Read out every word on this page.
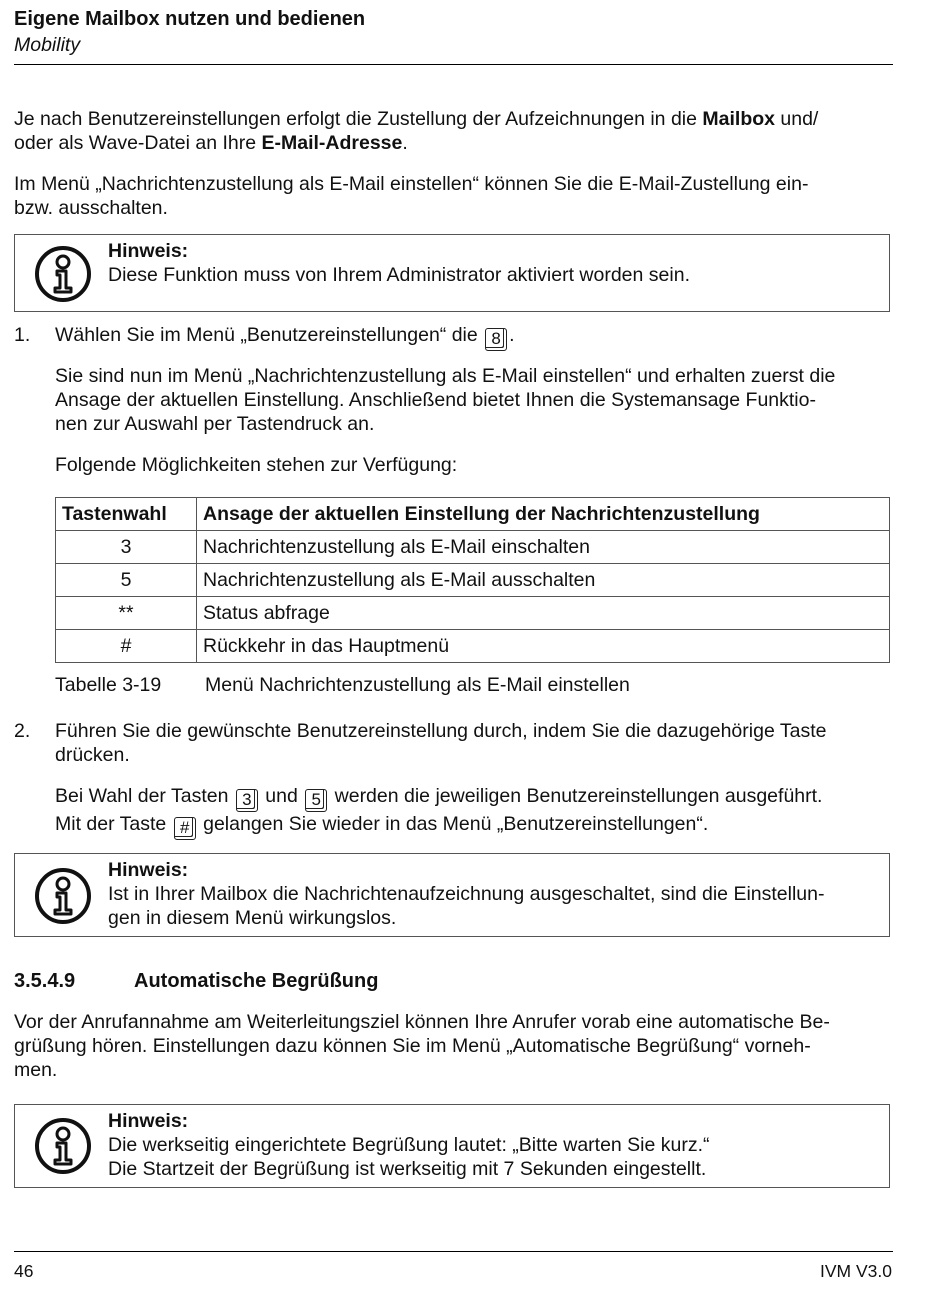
Eigene Mailbox nutzen und bedienen
Mobility
Je nach Benutzereinstellungen erfolgt die Zustellung der Aufzeichnungen in die Mailbox und/
oder als Wave-Datei an Ihre E-Mail-Adresse.
Im Menü „Nachrichtenzustellung als E-Mail einstellen“ können Sie die E-Mail-Zustellung ein-
bzw. ausschalten.
Hinweis:
Diese Funktion muss von Ihrem Administrator aktiviert worden sein.
1. Wählen Sie im Menü „Benutzereinstellungen“ die 8 .
Sie sind nun im Menü „Nachrichtenzustellung als E-Mail einstellen“ und erhalten zuerst die
Ansage der aktuellen Einstellung. Anschließend bietet Ihnen die Systemansage Funktio-
nen zur Auswahl per Tastendruck an.
Folgende Möglichkeiten stehen zur Verfügung:
Tastenwahl	Ansage der aktuellen Einstellung der Nachrichtenzustellung
3	Nachrichtenzustellung als E-Mail einschalten
5	Nachrichtenzustellung als E-Mail ausschalten
**	Status abfrage
#	Rückkehr in das Hauptmenü
Tabelle 3-19 Menü Nachrichtenzustellung als E-Mail einstellen
2. Führen Sie die gewünschte Benutzereinstellung durch, indem Sie die dazugehörige Taste
drücken.
Bei Wahl der Tasten 3 und 5 werden die jeweiligen Benutzereinstellungen ausgeführt.
Mit der Taste # gelangen Sie wieder in das Menü „Benutzereinstellungen“.
Hinweis:
Ist in Ihrer Mailbox die Nachrichtenaufzeichnung ausgeschaltet, sind die Einstellun-
gen in diesem Menü wirkungslos.
3.5.4.9	Automatische Begrüßung
Vor der Anrufannahme am Weiterleitungsziel können Ihre Anrufer vorab eine automatische Be-
grüßung hören. Einstellungen dazu können Sie im Menü „Automatische Begrüßung“ vorneh-
men.
Hinweis:
Die werkseitig eingerichtete Begrüßung lautet: „Bitte warten Sie kurz.“
Die Startzeit der Begrüßung ist werkseitig mit 7 Sekunden eingestellt.
46	IVM V3.0
